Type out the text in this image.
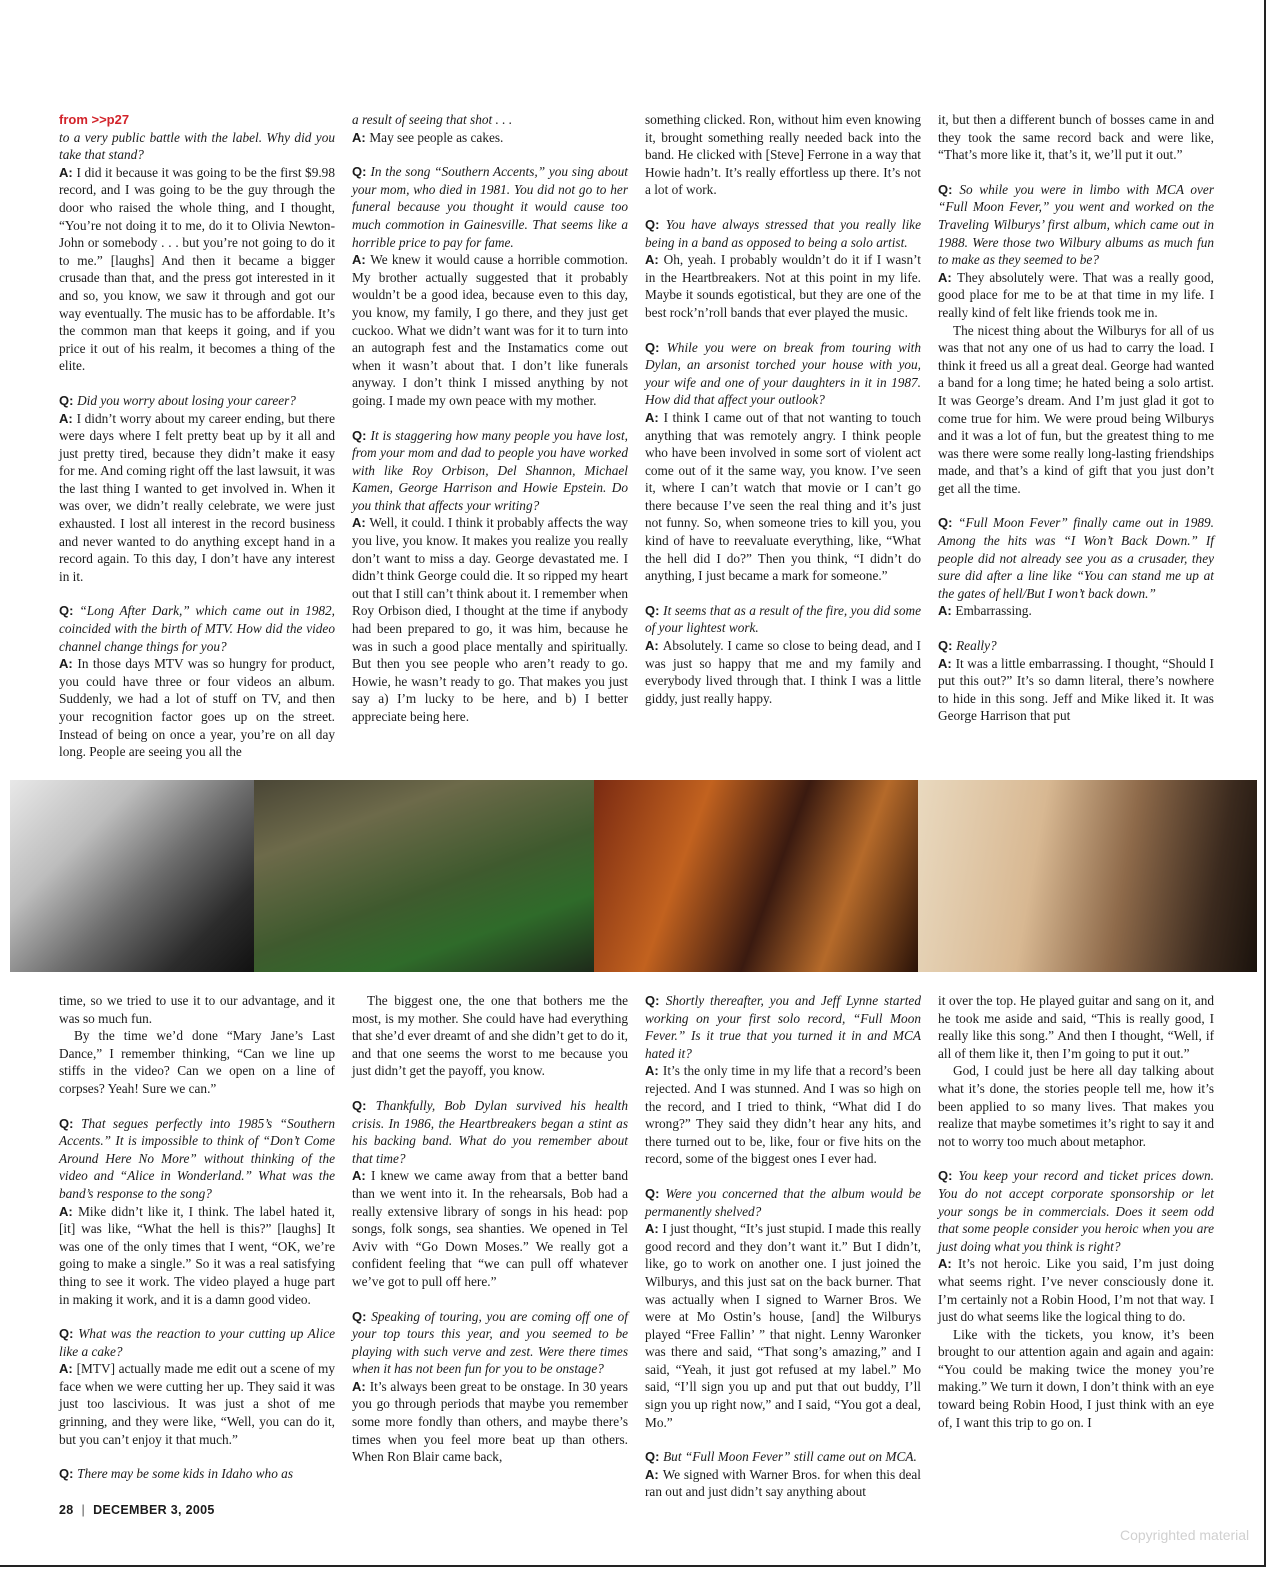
from >>p27

to a very public battle with the label. Why did you take that stand?

A: I did it because it was going to be the first $9.98 record, and I was going to be the guy through the door who raised the whole thing, and I thought, “You’re not doing it to me, do it to Olivia Newton-John or somebody . . . but you’re not going to do it to me.” [laughs] And then it became a bigger crusade than that, and the press got interested in it and so, you know, we saw it through and got our way eventually. The music has to be affordable. It’s the common man that keeps it going, and if you price it out of his realm, it becomes a thing of the elite.

Q: Did you worry about losing your career?

A: I didn’t worry about my career ending, but there were days where I felt pretty beat up by it all and just pretty tired, because they didn’t make it easy for me. And coming right off the last lawsuit, it was the last thing I wanted to get involved in. When it was over, we didn’t really celebrate, we were just exhausted. I lost all interest in the record business and never wanted to do anything except hand in a record again. To this day, I don’t have any interest in it.

Q: “Long After Dark,” which came out in 1982, coincided with the birth of MTV. How did the video channel change things for you?

A: In those days MTV was so hungry for product, you could have three or four videos an album. Suddenly, we had a lot of stuff on TV, and then your recognition factor goes up on the street. Instead of being on once a year, you’re on all day long. People are seeing you all the

a result of seeing that shot . . .

A: May see people as cakes.

Q: In the song “Southern Accents,” you sing about your mom, who died in 1981. You did not go to her funeral because you thought it would cause too much commotion in Gainesville. That seems like a horrible price to pay for fame.

A: We knew it would cause a horrible commotion. My brother actually suggested that it probably wouldn’t be a good idea, because even to this day, you know, my family, I go there, and they just get cuckoo. What we didn’t want was for it to turn into an autograph fest and the Instamatics come out when it wasn’t about that. I don’t like funerals anyway. I don’t think I missed anything by not going. I made my own peace with my mother.

Q: It is staggering how many people you have lost, from your mom and dad to people you have worked with like Roy Orbison, Del Shannon, Michael Kamen, George Harrison and Howie Epstein. Do you think that affects your writing?

A: Well, it could. I think it probably affects the way you live, you know. It makes you realize you really don’t want to miss a day. George devastated me. I didn’t think George could die. It so ripped my heart out that I still can’t think about it. I remember when Roy Orbison died, I thought at the time if anybody had been prepared to go, it was him, because he was in such a good place mentally and spiritually. But then you see people who aren’t ready to go. Howie, he wasn’t ready to go. That makes you just say a) I’m lucky to be here, and b) I better appreciate being here.

something clicked. Ron, without him even knowing it, brought something really needed back into the band. He clicked with [Steve] Ferrone in a way that Howie hadn’t. It’s really effortless up there. It’s not a lot of work.

Q: You have always stressed that you really like being in a band as opposed to being a solo artist.

A: Oh, yeah. I probably wouldn’t do it if I wasn’t in the Heartbreakers. Not at this point in my life. Maybe it sounds egotistical, but they are one of the best rock’n’roll bands that ever played the music.

Q: While you were on break from touring with Dylan, an arsonist torched your house with you, your wife and one of your daughters in it in 1987. How did that affect your outlook?

A: I think I came out of that not wanting to touch anything that was remotely angry. I think people who have been involved in some sort of violent act come out of it the same way, you know. I’ve seen it, where I can’t watch that movie or I can’t go there because I’ve seen the real thing and it’s just not funny. So, when someone tries to kill you, you kind of have to reevaluate everything, like, “What the hell did I do?” Then you think, “I didn’t do anything, I just became a mark for someone.”

Q: It seems that as a result of the fire, you did some of your lightest work.

A: Absolutely. I came so close to being dead, and I was just so happy that me and my family and everybody lived through that. I think I was a little giddy, just really happy.

it, but then a different bunch of bosses came in and they took the same record back and were like, “That’s more like it, that’s it, we’ll put it out.”

Q: So while you were in limbo with MCA over “Full Moon Fever,” you went and worked on the Traveling Wilburys’ first album, which came out in 1988. Were those two Wilbury albums as much fun to make as they seemed to be?

A: They absolutely were. That was a really good, good place for me to be at that time in my life. I really kind of felt like friends took me in.

The nicest thing about the Wilburys for all of us was that not any one of us had to carry the load. I think it freed us all a great deal. George had wanted a band for a long time; he hated being a solo artist. It was George’s dream. And I’m just glad it got to come true for him. We were proud being Wilburys and it was a lot of fun, but the greatest thing to me was there were some really long-lasting friendships made, and that’s a kind of gift that you just don’t get all the time.

Q: “Full Moon Fever” finally came out in 1989. Among the hits was “I Won’t Back Down.” If people did not already see you as a crusader, they sure did after a line like “You can stand me up at the gates of hell/But I won’t back down.”

A: Embarrassing.

Q: Really?

A: It was a little embarrassing. I thought, “Should I put this out?” It’s so damn literal, there’s nowhere to hide in this song. Jeff and Mike liked it. It was George Harrison that put

time, so we tried to use it to our advantage, and it was so much fun.

By the time we’d done “Mary Jane’s Last Dance,” I remember thinking, “Can we line up stiffs in the video? Can we open on a line of corpses? Yeah! Sure we can.”

Q: That segues perfectly into 1985’s “Southern Accents.” It is impossible to think of “Don’t Come Around Here No More” without thinking of the video and “Alice in Wonderland.” What was the band’s response to the song?

A: Mike didn’t like it, I think. The label hated it, [it] was like, “What the hell is this?” [laughs] It was one of the only times that I went, “OK, we’re going to make a single.” So it was a real satisfying thing to see it work. The video played a huge part in making it work, and it is a damn good video.

Q: What was the reaction to your cutting up Alice like a cake?

A: [MTV] actually made me edit out a scene of my face when we were cutting her up. They said it was just too lascivious. It was just a shot of me grinning, and they were like, “Well, you can do it, but you can’t enjoy it that much.”

Q: There may be some kids in Idaho who as

The biggest one, the one that bothers me the most, is my mother. She could have had everything that she’d ever dreamt of and she didn’t get to do it, and that one seems the worst to me because you just didn’t get the payoff, you know.

Q: Thankfully, Bob Dylan survived his health crisis. In 1986, the Heartbreakers began a stint as his backing band. What do you remember about that time?

A: I knew we came away from that a better band than we went into it. In the rehearsals, Bob had a really extensive library of songs in his head: pop songs, folk songs, sea shanties. We opened in Tel Aviv with “Go Down Moses.” We really got a confident feeling that “we can pull off whatever we’ve got to pull off here.”

Q: Speaking of touring, you are coming off one of your top tours this year, and you seemed to be playing with such verve and zest. Were there times when it has not been fun for you to be onstage?

A: It’s always been great to be onstage. In 30 years you go through periods that maybe you remember some more fondly than others, and maybe there’s times when you feel more beat up than others. When Ron Blair came back,

Q: Shortly thereafter, you and Jeff Lynne started working on your first solo record, “Full Moon Fever.” Is it true that you turned it in and MCA hated it?

A: It’s the only time in my life that a record’s been rejected. And I was stunned. And I was so high on the record, and I tried to think, “What did I do wrong?” They said they didn’t hear any hits, and there turned out to be, like, four or five hits on the record, some of the biggest ones I ever had.

Q: Were you concerned that the album would be permanently shelved?

A: I just thought, “It’s just stupid. I made this really good record and they don’t want it.” But I didn’t, like, go to work on another one. I just joined the Wilburys, and this just sat on the back burner. That was actually when I signed to Warner Bros. We were at Mo Ostin’s house, [and] the Wilburys played “Free Fallin’ ” that night. Lenny Waronker was there and said, “That song’s amazing,” and I said, “Yeah, it just got refused at my label.” Mo said, “I’ll sign you up and put that out buddy, I’ll sign you up right now,” and I said, “You got a deal, Mo.”

Q: But “Full Moon Fever” still came out on MCA.

A: We signed with Warner Bros. for when this deal ran out and just didn’t say anything about

it over the top. He played guitar and sang on it, and he took me aside and said, “This is really good, I really like this song.” And then I thought, “Well, if all of them like it, then I’m going to put it out.”

God, I could just be here all day talking about what it’s done, the stories people tell me, how it’s been applied to so many lives. That makes you realize that maybe sometimes it’s right to say it and not to worry too much about metaphor.

Q: You keep your record and ticket prices down. You do not accept corporate sponsorship or let your songs be in commercials. Does it seem odd that some people consider you heroic when you are just doing what you think is right?

A: It’s not heroic. Like you said, I’m just doing what seems right. I’ve never consciously done it. I’m certainly not a Robin Hood, I’m not that way. I just do what seems like the logical thing to do.

Like with the tickets, you know, it’s been brought to our attention again and again and again: “You could be making twice the money you’re making.” We turn it down, I don’t think with an eye toward being Robin Hood, I just think with an eye of, I want this trip to go on. I

28 | DECEMBER 3, 2005
Copyrighted material
